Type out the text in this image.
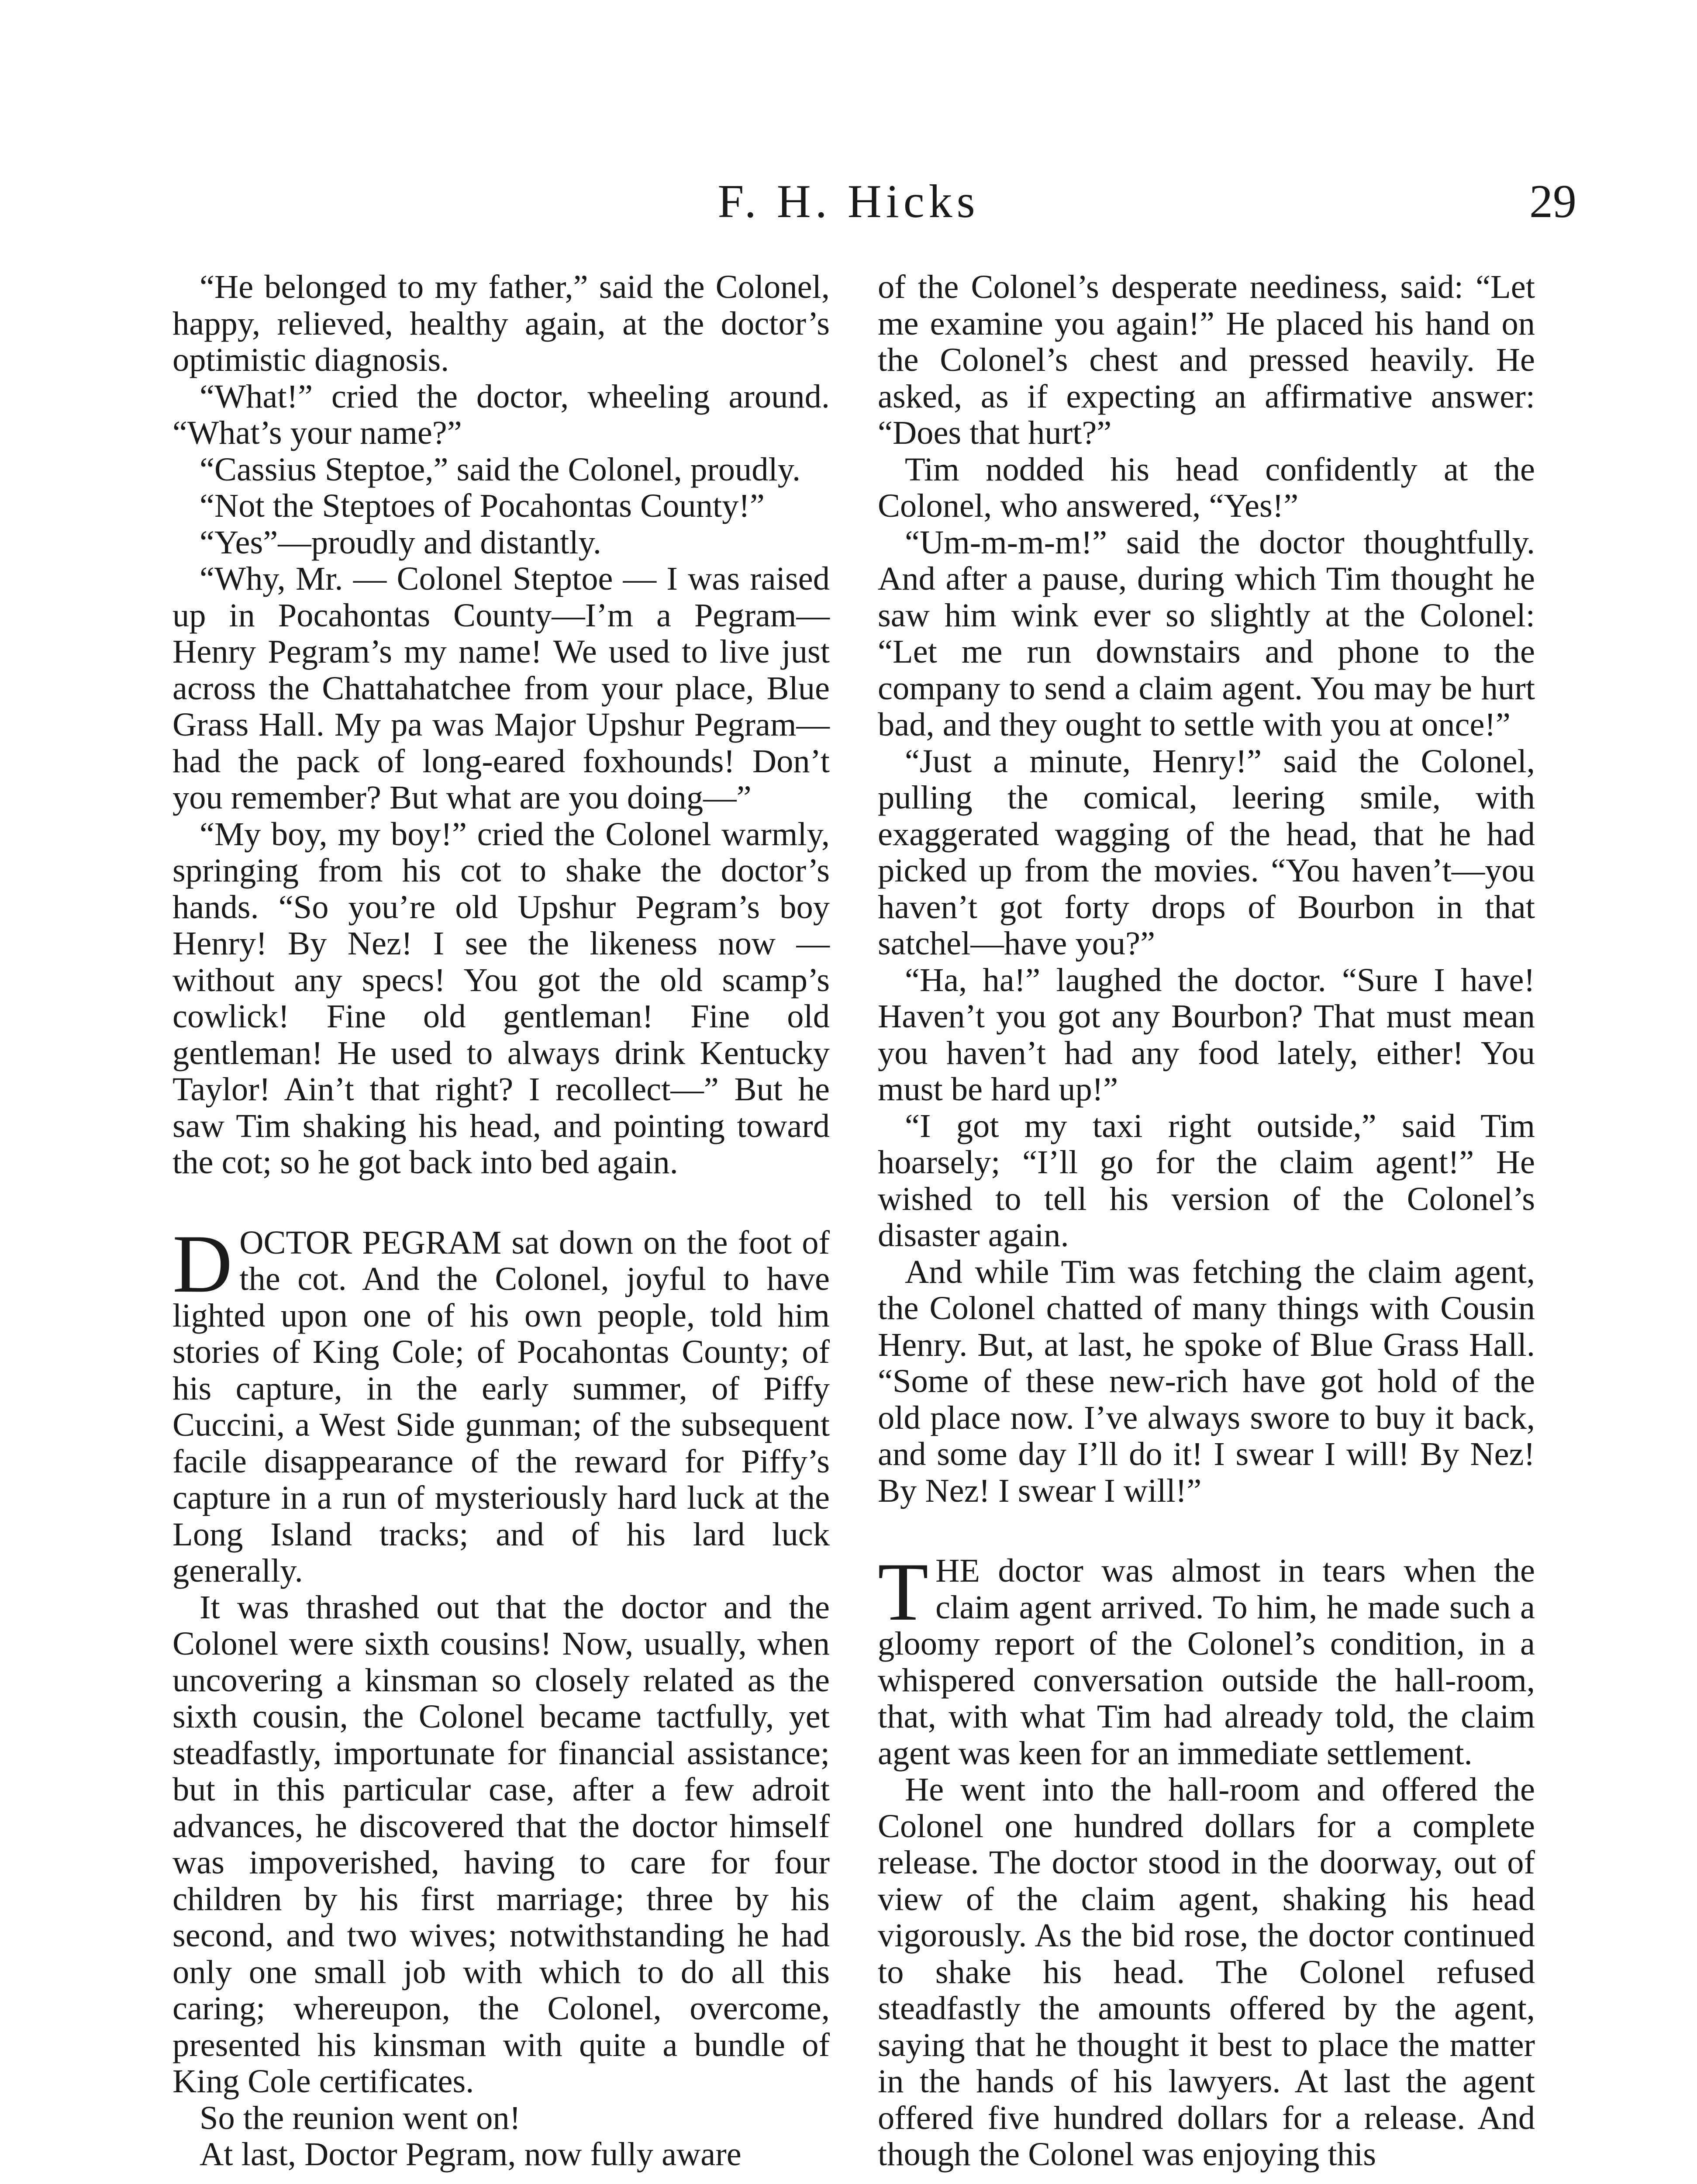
F. H. Hicks	29

“He belonged to my father,” said the Colonel, happy, relieved, healthy again, at the doctor’s optimistic diagnosis.

“What!” cried the doctor, wheeling around. “What’s your name?”

“Cassius Steptoe,” said the Colonel, proudly.

“Not the Steptoes of Pocahontas County!”

“Yes”—proudly and distantly.

“Why, Mr. — Colonel Steptoe — I was raised up in Pocahontas County—I’m a Pegram—Henry Pegram’s my name! We used to live just across the Chattahatchee from your place, Blue Grass Hall. My pa was Major Upshur Pegram—had the pack of long-eared foxhounds! Don’t you remember? But what are you doing—”

“My boy, my boy!” cried the Colonel warmly, springing from his cot to shake the doctor’s hands. “So you’re old Upshur Pegram’s boy Henry! By Nez! I see the likeness now — without any specs! You got the old scamp’s cowlick! Fine old gentleman! Fine old gentleman! He used to always drink Kentucky Taylor! Ain’t that right? I recollect—” But he saw Tim shaking his head, and pointing toward the cot; so he got back into bed again.

DOCTOR PEGRAM sat down on the foot of the cot. And the Colonel, joyful to have lighted upon one of his own people, told him stories of King Cole; of Pocahontas County; of his capture, in the early summer, of Piffy Cuccini, a West Side gunman; of the subsequent facile disappearance of the reward for Piffy’s capture in a run of mysteriously hard luck at the Long Island tracks; and of his lard luck generally.

It was thrashed out that the doctor and the Colonel were sixth cousins! Now, usually, when uncovering a kinsman so closely related as the sixth cousin, the Colonel became tactfully, yet steadfastly, importunate for financial assistance; but in this particular case, after a few adroit advances, he discovered that the doctor himself was impoverished, having to care for four children by his first marriage; three by his second, and two wives; notwithstanding he had only one small job with which to do all this caring; whereupon, the Colonel, overcome, presented his kinsman with quite a bundle of King Cole certificates.

So the reunion went on!

At last, Doctor Pegram, now fully aware

of the Colonel’s desperate neediness, said: “Let me examine you again!” He placed his hand on the Colonel’s chest and pressed heavily. He asked, as if expecting an affirmative answer: “Does that hurt?”

Tim nodded his head confidently at the Colonel, who answered, “Yes!”

“Um-m-m-m!” said the doctor thoughtfully. And after a pause, during which Tim thought he saw him wink ever so slightly at the Colonel: “Let me run downstairs and phone to the company to send a claim agent. You may be hurt bad, and they ought to settle with you at once!”

“Just a minute, Henry!” said the Colonel, pulling the comical, leering smile, with exaggerated wagging of the head, that he had picked up from the movies. “You haven’t—you haven’t got forty drops of Bourbon in that satchel—have you?”

“Ha, ha!” laughed the doctor. “Sure I have! Haven’t you got any Bourbon? That must mean you haven’t had any food lately, either! You must be hard up!”

“I got my taxi right outside,” said Tim hoarsely; “I’ll go for the claim agent!” He wished to tell his version of the Colonel’s disaster again.

And while Tim was fetching the claim agent, the Colonel chatted of many things with Cousin Henry. But, at last, he spoke of Blue Grass Hall. “Some of these new-rich have got hold of the old place now. I’ve always swore to buy it back, and some day I’ll do it! I swear I will! By Nez! By Nez! I swear I will!”

THE doctor was almost in tears when the claim agent arrived. To him, he made such a gloomy report of the Colonel’s condition, in a whispered conversation outside the hall-room, that, with what Tim had already told, the claim agent was keen for an immediate settlement.

He went into the hall-room and offered the Colonel one hundred dollars for a complete release. The doctor stood in the doorway, out of view of the claim agent, shaking his head vigorously. As the bid rose, the doctor continued to shake his head. The Colonel refused steadfastly the amounts offered by the agent, saying that he thought it best to place the matter in the hands of his lawyers. At last the agent offered five hundred dollars for a release. And though the Colonel was enjoying this
